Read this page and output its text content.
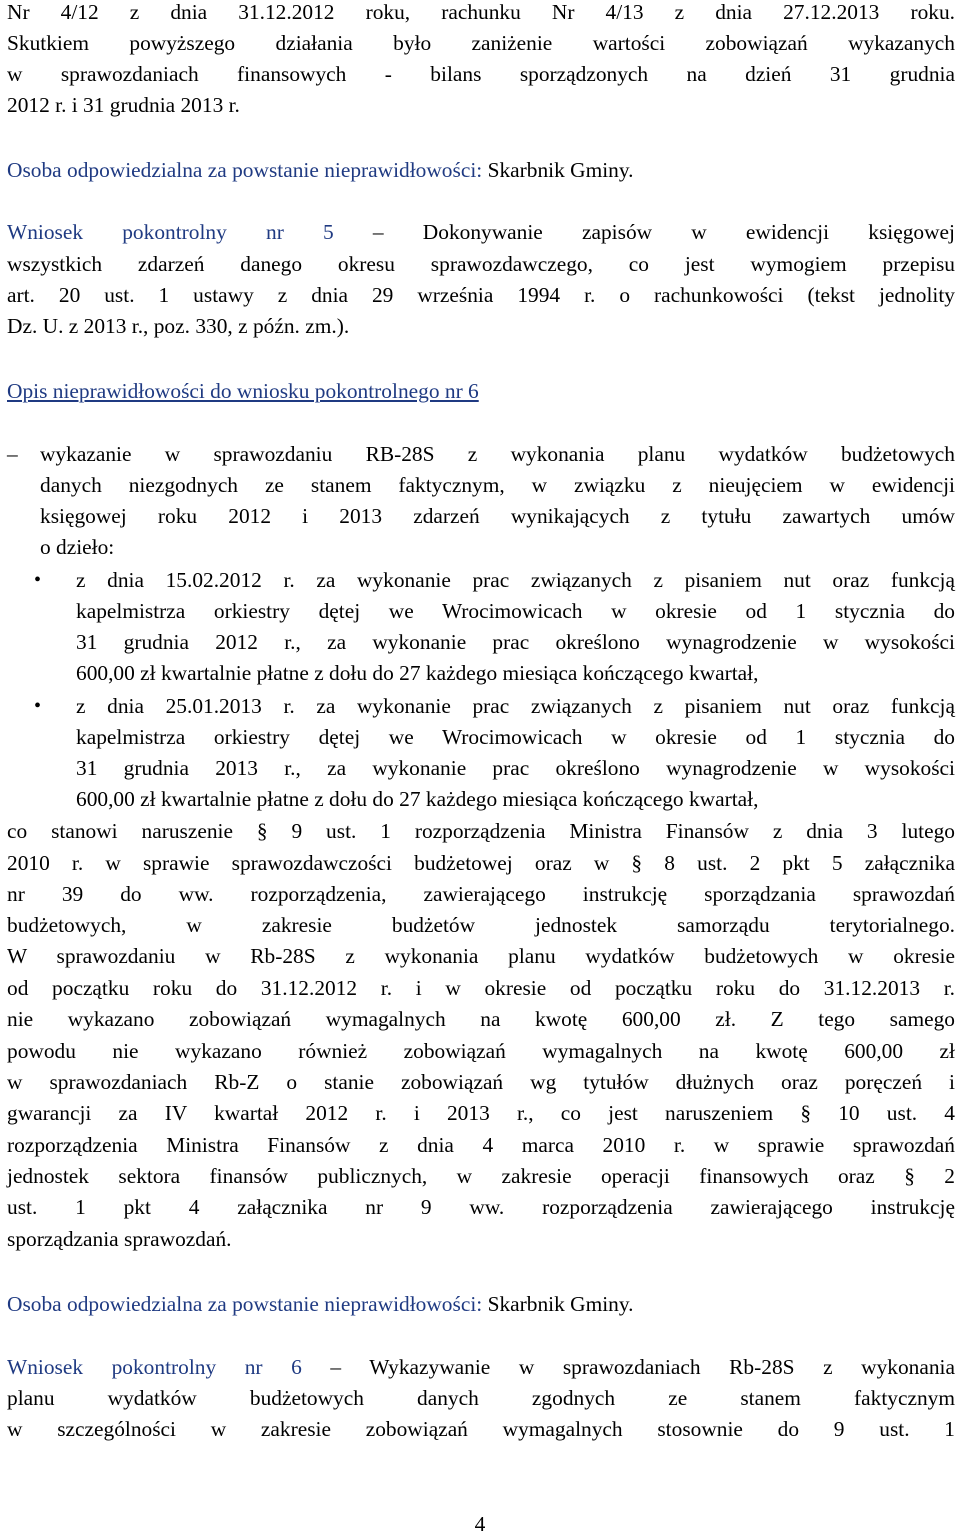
Nr 4/12 z dnia 31.12.2012 roku, rachunku Nr 4/13 z dnia 27.12.2013 roku.
Skutkiem powyższego działania było zaniżenie wartości zobowiązań wykazanych
w sprawozdaniach finansowych - bilans sporządzonych na dzień 31 grudnia
2012 r. i 31 grudnia 2013 r.
Osoba odpowiedzialna za powstanie nieprawidłowości: Skarbnik Gminy.
Wniosek pokontrolny nr 5 – Dokonywanie zapisów w ewidencji księgowej
wszystkich zdarzeń danego okresu sprawozdawczego, co jest wymogiem przepisu
art. 20 ust. 1 ustawy z dnia 29 września 1994 r. o rachunkowości (tekst jednolity
Dz. U. z 2013 r., poz. 330, z późn. zm.).
Opis nieprawidłowości do wniosku pokontrolnego nr 6
–	wykazanie w sprawozdaniu RB-28S z wykonania planu wydatków budżetowych
danych niezgodnych ze stanem faktycznym, w związku z nieujęciem w ewidencji
księgowej roku 2012 i 2013 zdarzeń wynikających z tytułu zawartych umów
o dzieło:
•	z dnia 15.02.2012 r. za wykonanie prac związanych z pisaniem nut oraz funkcją
kapelmistrza orkiestry dętej we Wrocimowicach w okresie od 1 stycznia do
31 grudnia 2012 r., za wykonanie prac określono wynagrodzenie w wysokości
600,00 zł kwartalnie płatne z dołu do 27 każdego miesiąca kończącego kwartał,
•	z dnia 25.01.2013 r. za wykonanie prac związanych z pisaniem nut oraz funkcją
kapelmistrza orkiestry dętej we Wrocimowicach w okresie od 1 stycznia do
31 grudnia 2013 r., za wykonanie prac określono wynagrodzenie w wysokości
600,00 zł kwartalnie płatne z dołu do 27 każdego miesiąca kończącego kwartał,
co stanowi naruszenie § 9 ust. 1 rozporządzenia Ministra Finansów z dnia 3 lutego
2010 r. w sprawie sprawozdawczości budżetowej oraz w § 8 ust. 2 pkt 5 załącznika
nr 39 do ww. rozporządzenia, zawierającego instrukcję sporządzania sprawozdań
budżetowych, w zakresie budżetów jednostek samorządu terytorialnego.
W sprawozdaniu w Rb-28S z wykonania planu wydatków budżetowych w okresie
od początku roku do 31.12.2012 r. i w okresie od początku roku do 31.12.2013 r.
nie wykazano zobowiązań wymagalnych na kwotę 600,00 zł. Z tego samego
powodu nie wykazano również zobowiązań wymagalnych na kwotę 600,00 zł
w sprawozdaniach Rb-Z o stanie zobowiązań wg tytułów dłużnych oraz poręczeń i
gwarancji za IV kwartał 2012 r. i 2013 r., co jest naruszeniem § 10 ust. 4
rozporządzenia Ministra Finansów z dnia 4 marca 2010 r. w sprawie sprawozdań
jednostek sektora finansów publicznych, w zakresie operacji finansowych oraz § 2
ust. 1 pkt 4 załącznika nr 9 ww. rozporządzenia zawierającego instrukcję
sporządzania sprawozdań.
Osoba odpowiedzialna za powstanie nieprawidłowości: Skarbnik Gminy.
Wniosek pokontrolny nr 6 – Wykazywanie w sprawozdaniach Rb-28S z wykonania
planu wydatków budżetowych danych zgodnych ze stanem faktycznym
w szczególności w zakresie zobowiązań wymagalnych stosownie do 9 ust. 1
4
